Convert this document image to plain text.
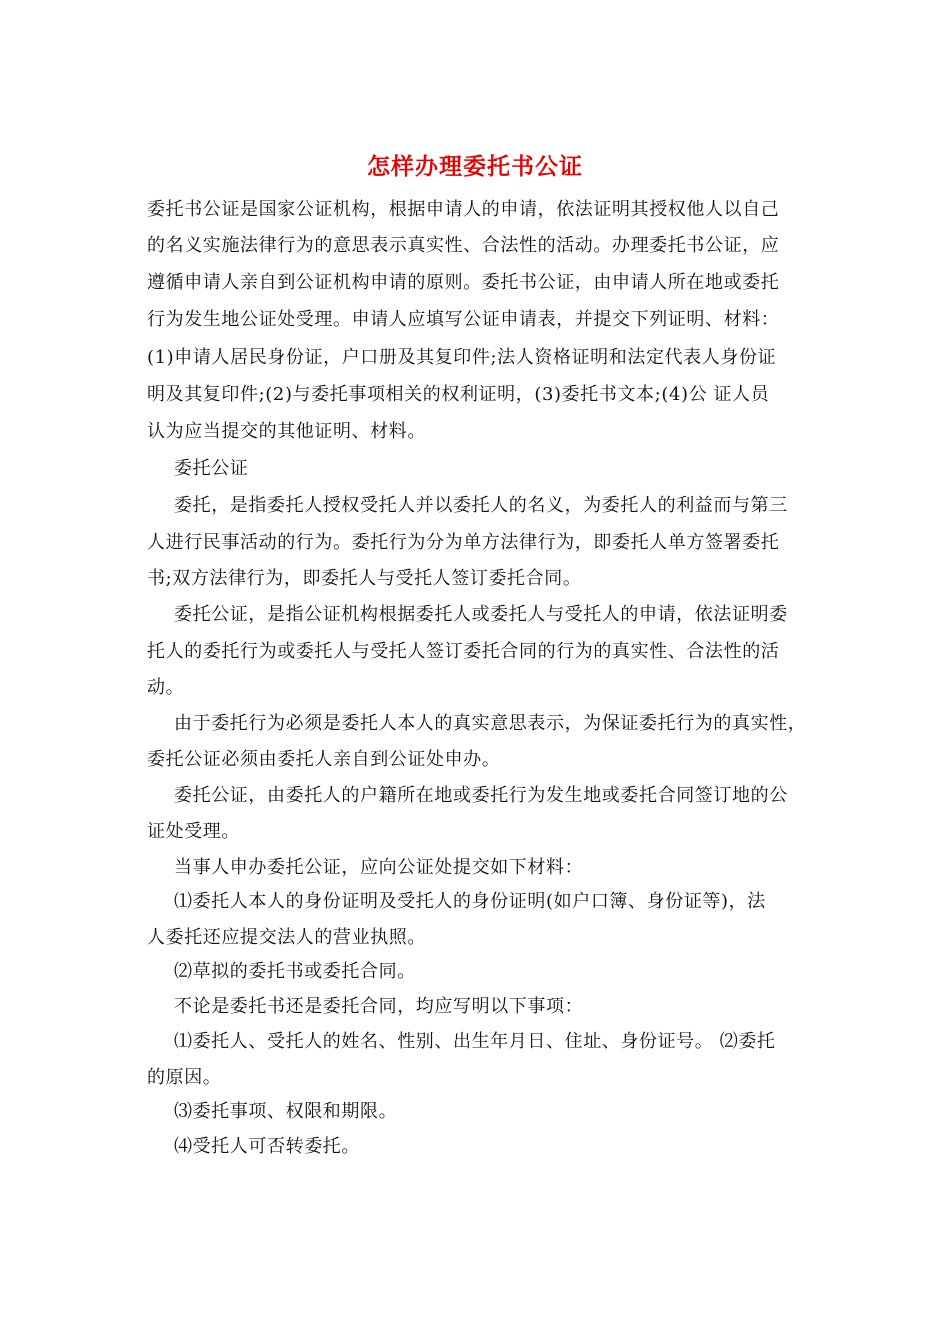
怎样办理委托书公证
委托书公证是国家公证机构，根据申请人的申请，依法证明其授权他人以自己
的名义实施法律行为的意思表示真实性、合法性的活动。办理委托书公证，应
遵循申请人亲自到公证机构申请的原则。委托书公证，由申请人所在地或委托
行为发生地公证处受理。申请人应填写公证申请表，并提交下列证明、材料：
(1)申请人居民身份证，户口册及其复印件;法人资格证明和法定代表人身份证
明及其复印件;(2)与委托事项相关的权利证明，(3)委托书文本;(4)公 证人员
认为应当提交的其他证明、材料。
委托公证
委托，是指委托人授权受托人并以委托人的名义，为委托人的利益而与第三
人进行民事活动的行为。委托行为分为单方法律行为，即委托人单方签署委托
书;双方法律行为，即委托人与受托人签订委托合同。
委托公证，是指公证机构根据委托人或委托人与受托人的申请，依法证明委
托人的委托行为或委托人与受托人签订委托合同的行为的真实性、合法性的活
动。
由于委托行为必须是委托人本人的真实意思表示，为保证委托行为的真实性，
委托公证必须由委托人亲自到公证处申办。
委托公证，由委托人的户籍所在地或委托行为发生地或委托合同签订地的公
证处受理。
当事人申办委托公证，应向公证处提交如下材料：
⑴委托人本人的身份证明及受托人的身份证明(如户口簿、身份证等)，法
人委托还应提交法人的营业执照。
⑵草拟的委托书或委托合同。
不论是委托书还是委托合同，均应写明以下事项：
⑴委托人、受托人的姓名、性别、出生年月日、住址、身份证号。 ⑵委托
的原因。
⑶委托事项、权限和期限。
⑷受托人可否转委托。
